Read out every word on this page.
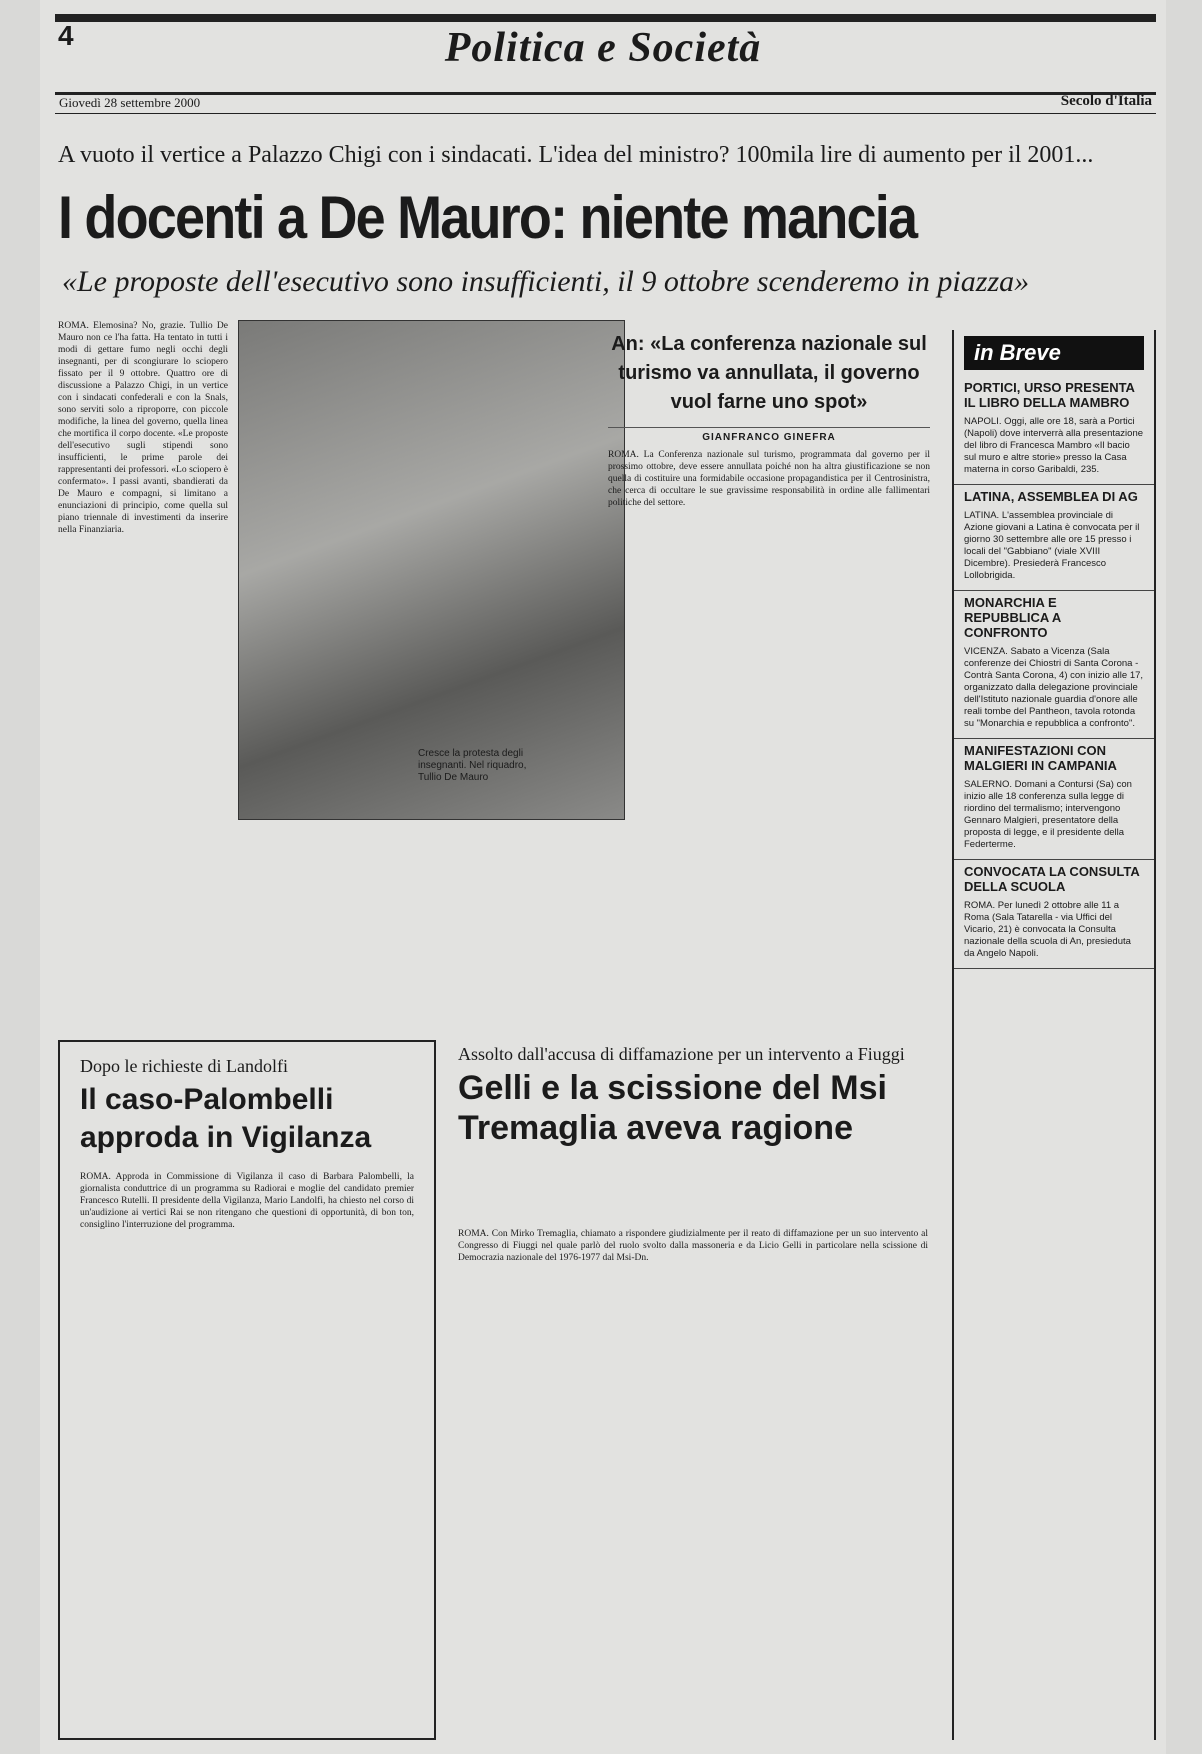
4	Politica e Società
Giovedì 28 settembre 2000	Secolo d'Italia
A vuoto il vertice a Palazzo Chigi con i sindacati. L'idea del ministro? 100mila lire di aumento per il 2001...
I docenti a De Mauro: niente mancia
«Le proposte dell'esecutivo sono insufficienti, il 9 ottobre scenderemo in piazza»

ROMA. Elemosina? No, grazie. Tullio De Mauro non ce l'ha fatta. Ha tentato in tutti i modi di gettare fumo negli occhi degli insegnanti, per di scongiurare lo sciopero fissato per il 9 ottobre. Quattro ore di discussione a Palazzo Chigi, in un vertice con i sindacati confederali e con la Snals, sono serviti solo a riproporre, con piccole modifiche, la linea del governo, quella linea che mortifica il corpo docente. «Le proposte dell'esecutivo sugli stipendi sono insufficienti, le prime parole dei rappresentanti dei professori. «Lo sciopero è confermato». I passi avanti, sbandierati da De Mauro e compagni, si limitano a enunciazioni di principio, come quella sul piano triennale di investimenti da inserire nella Finanziaria.

Cresce la protesta degli insegnanti. Nel riquadro, Tullio De Mauro
An: «La conferenza nazionale sul turismo va annullata, il governo vuol farne uno spot»
GIANFRANCO GINEFRA
ROMA. La Conferenza nazionale sul turismo, programmata dal governo per il prossimo ottobre, deve essere annullata poiché non ha altra giustificazione se non quella di costituire una formidabile occasione propagandistica per il Centrosinistra, che cerca di occultare le sue gravissime responsabilità in ordine alle fallimentari politiche del settore.
in Breve
PORTICI, URSO PRESENTA IL LIBRO DELLA MAMBRO
NAPOLI. Oggi, alle ore 18, sarà a Portici (Napoli) dove interverrà alla presentazione del libro di Francesca Mambro «Il bacio sul muro e altre storie» presso la Casa materna in corso Garibaldi, 235.
LATINA, ASSEMBLEA DI AG
LATINA. L'assemblea provinciale di Azione giovani a Latina è convocata per il giorno 30 settembre alle ore 15 presso i locali del "Gabbiano" (viale XVIII Dicembre). Presiederà Francesco Lollobrigida.
MONARCHIA E REPUBBLICA A CONFRONTO
VICENZA. Sabato a Vicenza (Sala conferenze dei Chiostri di Santa Corona - Contrà Santa Corona, 4) con inizio alle 17, organizzato dalla delegazione provinciale dell'Istituto nazionale guardia d'onore alle reali tombe del Pantheon, tavola rotonda su "Monarchia e repubblica a confronto".
MANIFESTAZIONI CON MALGIERI IN CAMPANIA
SALERNO. Domani a Contursi (Sa) con inizio alle 18 conferenza sulla legge di riordino del termalismo; intervengono Gennaro Malgieri, presentatore della proposta di legge, e il presidente della Federterme.
CONVOCATA LA CONSULTA DELLA SCUOLA
ROMA. Per lunedì 2 ottobre alle 11 a Roma (Sala Tatarella - via Uffici del Vicario, 21) è convocata la Consulta nazionale della scuola di An, presieduta da Angelo Napoli.
Dopo le richieste di Landolfi
Il caso-Palombelli approda in Vigilanza
ROMA. Approda in Commissione di Vigilanza il caso di Barbara Palombelli, la giornalista conduttrice di un programma su Radiorai e moglie del candidato premier Francesco Rutelli. Il presidente della Vigilanza, Mario Landolfi, ha chiesto nel corso di un'audizione ai vertici Rai se non ritengano che questioni di opportunità, di bon ton, consiglino l'interruzione del programma.
Assolto dall'accusa di diffamazione per un intervento a Fiuggi
Gelli e la scissione del Msi Tremaglia aveva ragione
ROMA. Con Mirko Tremaglia, chiamato a rispondere giudizialmente per il reato di diffamazione per un suo intervento al Congresso di Fiuggi nel quale parlò del ruolo svolto dalla massoneria e da Licio Gelli in particolare nella scissione di Democrazia nazionale del 1976-1977 dal Msi-Dn.
